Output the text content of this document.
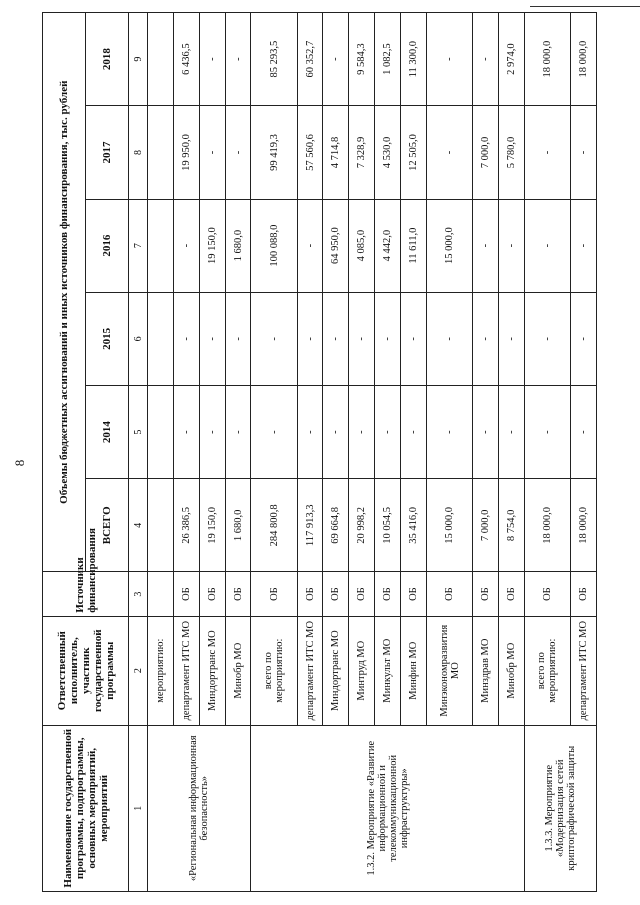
8
Наименование государственной программы, подпрограммы, основных мероприятий, мероприятий	Ответственный исполнитель, участник государственной программы	Источники финансирования	Объемы бюджетных ассигнований и иных источников финансирования, тыс. рублей					
			ВСЕГО	2014	2015	2016	2017	2018
1	2	3	4	5	6	7	8	9
«Региональная информационная безопасность»	мероприятию:							
	департамент ИТС МО	ОБ	26 386,5	-	-	-	19 950,0	6 436,5
	Миндортранс МО	ОБ	19 150,0	-	-	19 150,0	-	-
	Минобр МО	ОБ	1 680,0	-	-	1 680,0	-	-
1.3.2. Мероприятие «Развитие информационной и телекоммуникационной инфраструктуры»	всего по мероприятию:	ОБ	284 800,8	-	-	100 088,0	99 419,3	85 293,5
	департамент ИТС МО	ОБ	117 913,3	-	-	-	57 560,6	60 352,7
	Миндортранс МО	ОБ	69 664,8	-	-	64 950,0	4 714,8	-
	Минтруд МО	ОБ	20 998,2	-	-	4 085,0	7 328,9	9 584,3
	Минкульт МО	ОБ	10 054,5	-	-	4 442,0	4 530,0	1 082,5
	Минфин МО	ОБ	35 416,0	-	-	11 611,0	12 505,0	11 300,0
	Минэкономразвития МО	ОБ	15 000,0	-	-	15 000,0	-	-
	Минздрав МО	ОБ	7 000,0	-	-	-	7 000,0	-
	Минобр МО	ОБ	8 754,0	-	-	-	5 780,0	2 974,0
1.3.3. Мероприятие «Модернизация сетей криптографической защиты	всего по мероприятию:	ОБ	18 000,0	-	-	-	-	18 000,0
	департамент ИТС МО	ОБ	18 000,0	-	-	-	-	18 000,0
